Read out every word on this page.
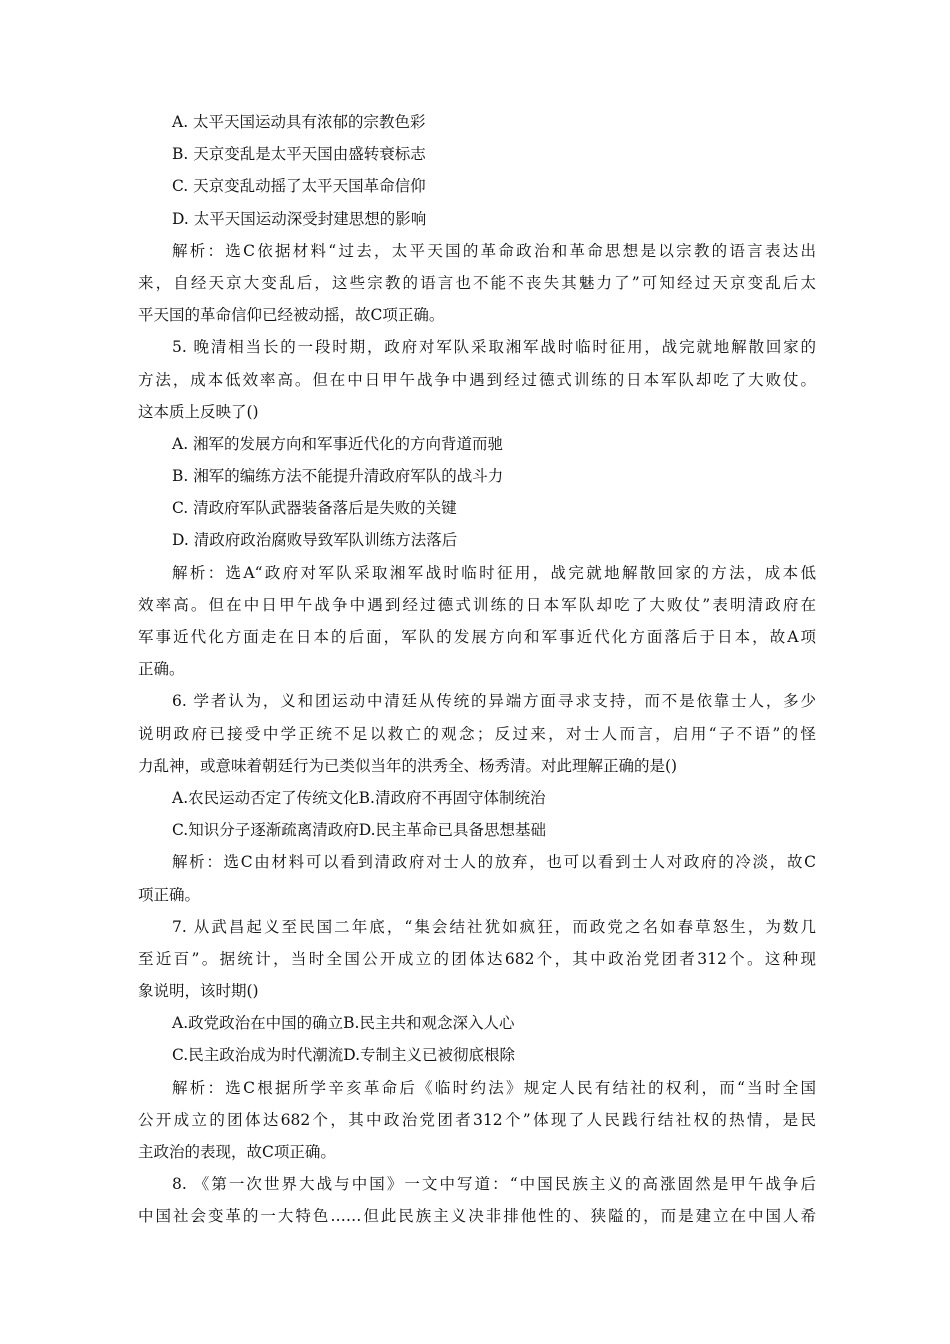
A. 太平天国运动具有浓郁的宗教色彩
B. 天京变乱是太平天国由盛转衰标志
C. 天京变乱动摇了太平天国革命信仰
D. 太平天国运动深受封建思想的影响
解析：选C依据材料“过去，太平天国的革命政治和革命思想是以宗教的语言表达出
来，自经天京大变乱后，这些宗教的语言也不能不丧失其魅力了”可知经过天京变乱后太
平天国的革命信仰已经被动摇，故C项正确。
5. 晚清相当长的一段时期，政府对军队采取湘军战时临时征用，战完就地解散回家的
方法，成本低效率高。但在中日甲午战争中遇到经过德式训练的日本军队却吃了大败仗。
这本质上反映了()
A. 湘军的发展方向和军事近代化的方向背道而驰
B. 湘军的编练方法不能提升清政府军队的战斗力
C. 清政府军队武器装备落后是失败的关键
D. 清政府政治腐败导致军队训练方法落后
解析：选A“政府对军队采取湘军战时临时征用，战完就地解散回家的方法，成本低
效率高。但在中日甲午战争中遇到经过德式训练的日本军队却吃了大败仗”表明清政府在
军事近代化方面走在日本的后面，军队的发展方向和军事近代化方面落后于日本，故A项
正确。
6. 学者认为，义和团运动中清廷从传统的异端方面寻求支持，而不是依靠士人，多少
说明政府已接受中学正统不足以救亡的观念；反过来，对士人而言，启用“子不语”的怪
力乱神，或意味着朝廷行为已类似当年的洪秀全、杨秀清。对此理解正确的是()
A.农民运动否定了传统文化B.清政府不再固守体制统治
C.知识分子逐渐疏离清政府D.民主革命已具备思想基础
解析：选C由材料可以看到清政府对士人的放弃，也可以看到士人对政府的冷淡，故C
项正确。
7. 从武昌起义至民国二年底，“集会结社犹如疯狂，而政党之名如春草怒生，为数几
至近百”。据统计，当时全国公开成立的团体达682个，其中政治党团者312个。这种现
象说明，该时期()
A.政党政治在中国的确立B.民主共和观念深入人心
C.民主政治成为时代潮流D.专制主义已被彻底根除
解析：选C根据所学辛亥革命后《临时约法》规定人民有结社的权利，而“当时全国
公开成立的团体达682个，其中政治党团者312个”体现了人民践行结社权的热情，是民
主政治的表现，故C项正确。
8. 《第一次世界大战与中国》一文中写道：“中国民族主义的高涨固然是甲午战争后
中国社会变革的一大特色……但此民族主义决非排他性的、狭隘的，而是建立在中国人希
